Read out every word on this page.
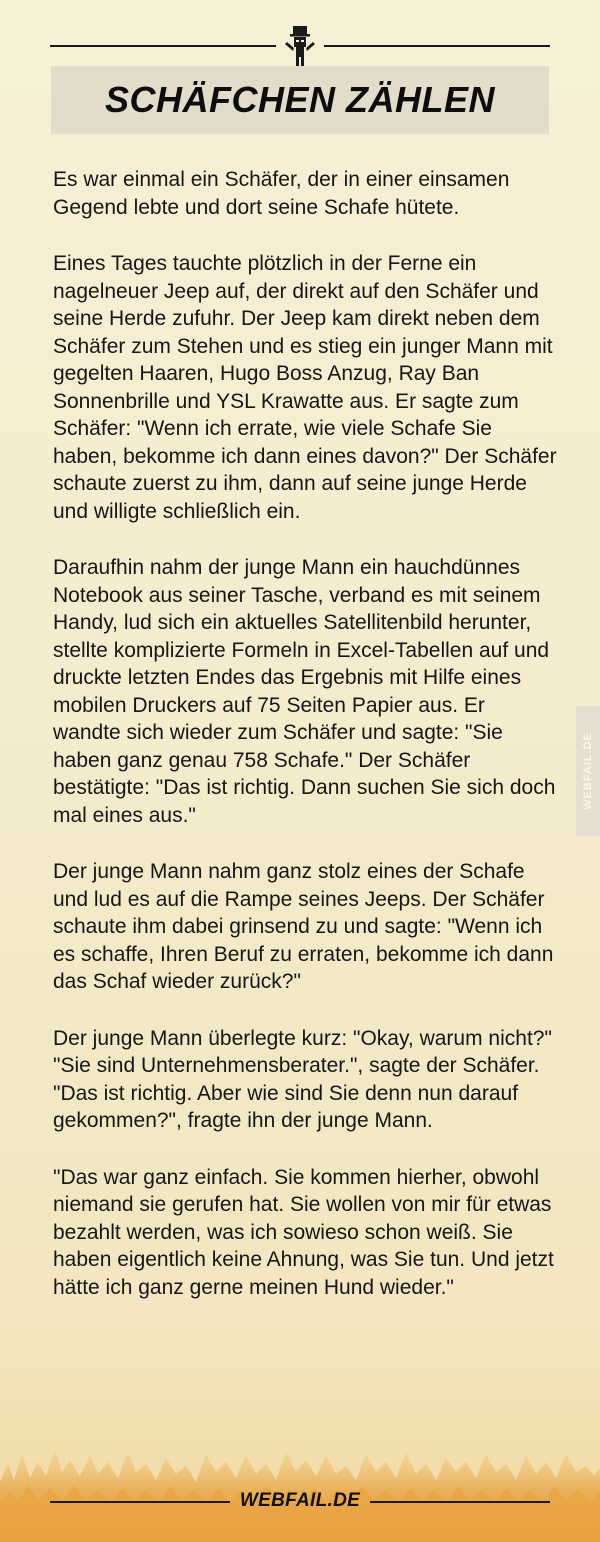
SCHÄFCHEN ZÄHLEN

Es war einmal ein Schäfer, der in einer einsamen Gegend lebte und dort seine Schafe hütete.

Eines Tages tauchte plötzlich in der Ferne ein nagelneuer Jeep auf, der direkt auf den Schäfer und seine Herde zufuhr. Der Jeep kam direkt neben dem Schäfer zum Stehen und es stieg ein junger Mann mit gegelten Haaren, Hugo Boss Anzug, Ray Ban Sonnenbrille und YSL Krawatte aus. Er sagte zum Schäfer: "Wenn ich errate, wie viele Schafe Sie haben, bekomme ich dann eines davon?" Der Schäfer schaute zuerst zu ihm, dann auf seine junge Herde und willigte schließlich ein.

Daraufhin nahm der junge Mann ein hauchdünnes Notebook aus seiner Tasche, verband es mit seinem Handy, lud sich ein aktuelles Satellitenbild herunter, stellte komplizierte Formeln in Excel-Tabellen auf und druckte letzten Endes das Ergebnis mit Hilfe eines mobilen Druckers auf 75 Seiten Papier aus. Er wandte sich wieder zum Schäfer und sagte: "Sie haben ganz genau 758 Schafe." Der Schäfer bestätigte: "Das ist richtig. Dann suchen Sie sich doch mal eines aus."

Der junge Mann nahm ganz stolz eines der Schafe und lud es auf die Rampe seines Jeeps. Der Schäfer schaute ihm dabei grinsend zu und sagte: "Wenn ich es schaffe, Ihren Beruf zu erraten, bekomme ich dann das Schaf wieder zurück?"

Der junge Mann überlegte kurz: "Okay, warum nicht?" "Sie sind Unternehmensberater.", sagte der Schäfer. "Das ist richtig. Aber wie sind Sie denn nun darauf gekommen?", fragte ihn der junge Mann.

"Das war ganz einfach. Sie kommen hierher, obwohl niemand sie gerufen hat. Sie wollen von mir für etwas bezahlt werden, was ich sowieso schon weiß. Sie haben eigentlich keine Ahnung, was Sie tun. Und jetzt hätte ich ganz gerne meinen Hund wieder."

WEBFAIL.DE
WEBFAIL.DE
